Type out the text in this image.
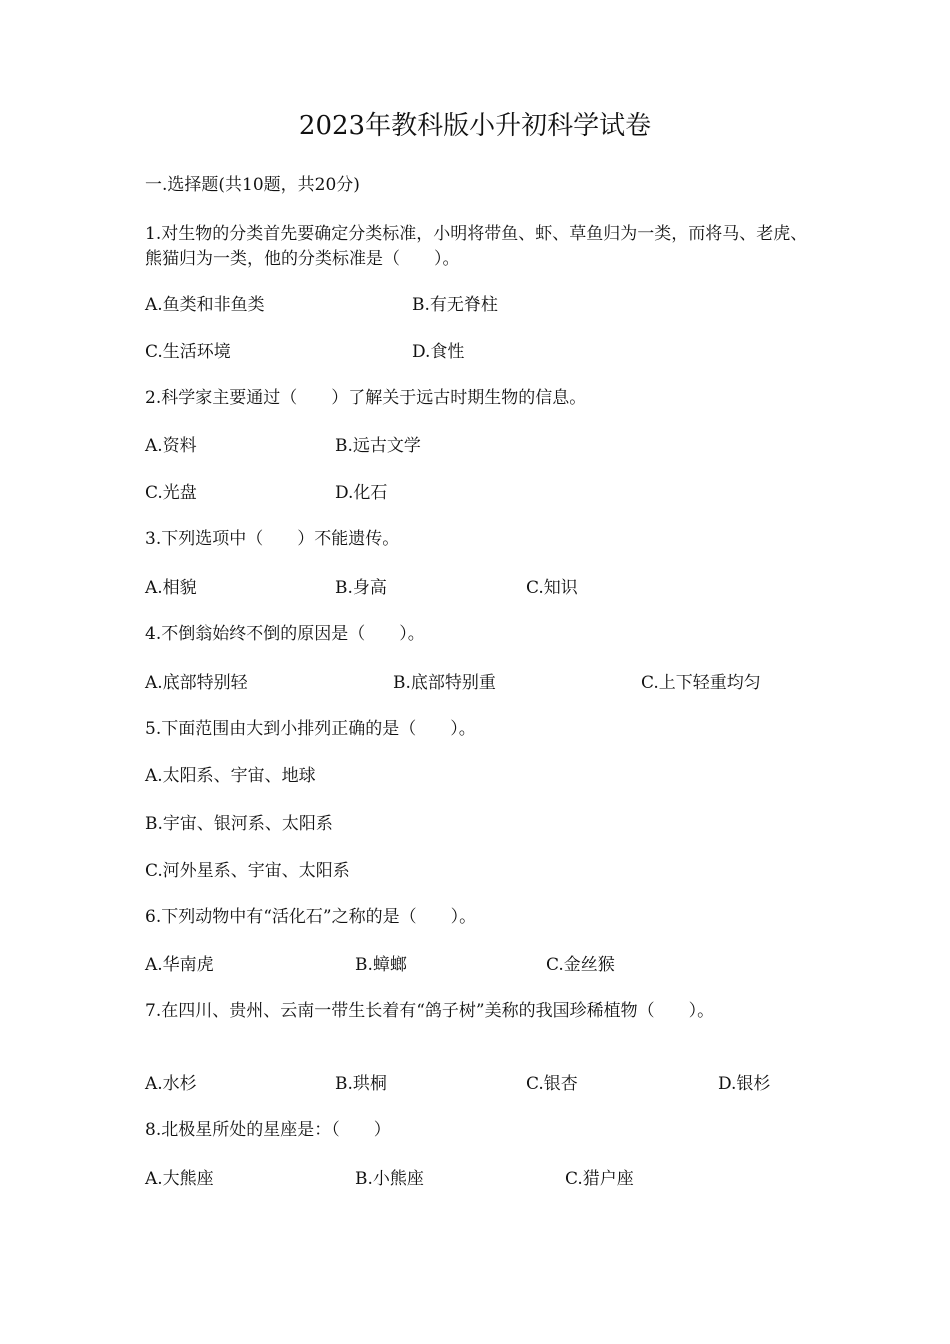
2023年教科版小升初科学试卷
一.选择题(共10题，共20分)
1.对生物的分类首先要确定分类标准，小明将带鱼、虾、草鱼归为一类，而将马、老虎、熊猫归为一类，他的分类标准是（　　）。
A.鱼类和非鱼类	B.有无脊柱
C.生活环境	D.食性
2.科学家主要通过（　　）了解关于远古时期生物的信息。
A.资料	B.远古文学
C.光盘	D.化石
3.下列选项中（　　）不能遗传。
A.相貌	B.身高	C.知识
4.不倒翁始终不倒的原因是（　　）。
A.底部特别轻	B.底部特别重	C.上下轻重均匀
5.下面范围由大到小排列正确的是（　　）。
A.太阳系、宇宙、地球
B.宇宙、银河系、太阳系
C.河外星系、宇宙、太阳系
6.下列动物中有“活化石”之称的是（　　）。
A.华南虎	B.蟑螂	C.金丝猴
7.在四川、贵州、云南一带生长着有“鸽子树”美称的我国珍稀植物（　　）。
A.水杉	B.珙桐	C.银杏	D.银杉
8.北极星所处的星座是：（　　）
A.大熊座	B.小熊座	C.猎户座
